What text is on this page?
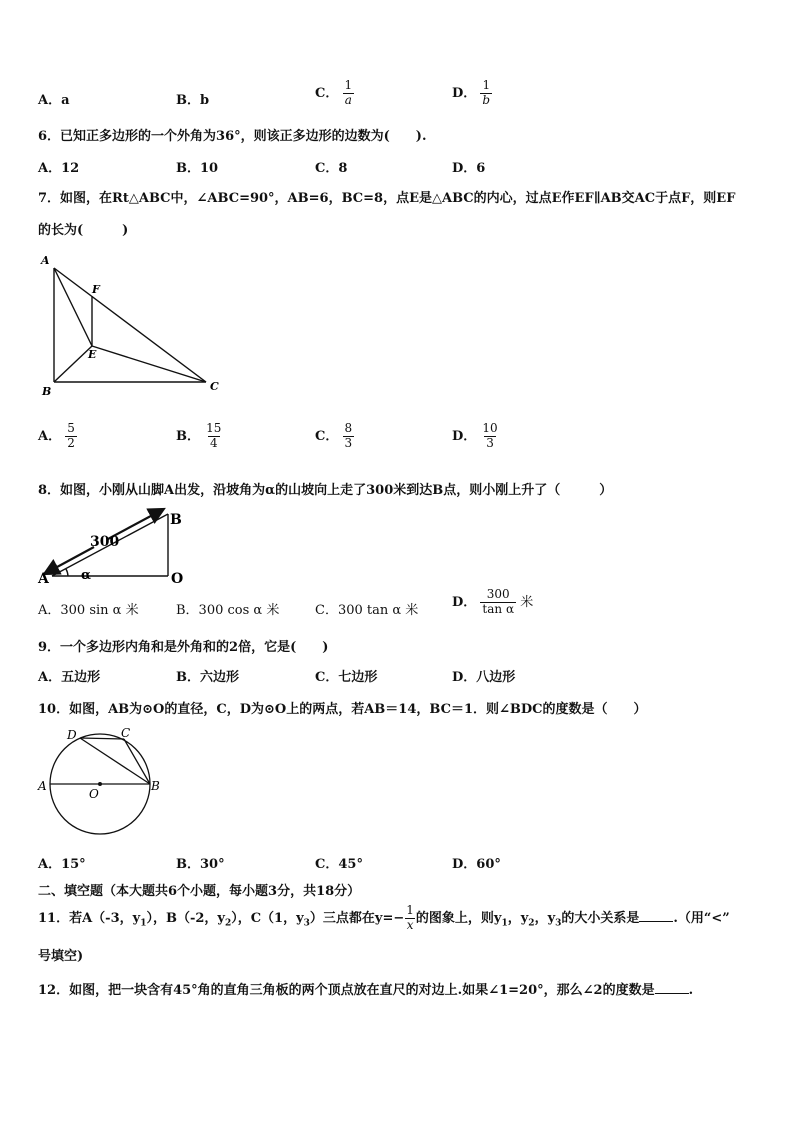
A．a	B．b	C． $\frac{1}{a}$	D． $\frac{1}{b}$
6．已知正多边形的一个外角为36°，则该正多边形的边数为(　　).
A．12	B．10	C．8	D．6
7．如图，在Rt△ABC中，∠ABC=90°，AB=6，BC=8，点E是△ABC的内心，过点E作EF∥AB交AC于点F，则EF
的长为(　　　)
A
F
E
B	C
A． $\frac{5}{2}$	B． $\frac{15}{4}$	C． $\frac{8}{3}$	D． $\frac{10}{3}$
8．如图，小刚从山脚A出发，沿坡角为α的山坡向上走了300米到达B点，则小刚上升了（　　　）
300
A
B
O
α
A．300 sin α 米	B．300 cos α 米	C．300 tan α 米
D． $\frac{300}{\text{tan α}}$ 米
9．一个多边形内角和是外角和的2倍，它是(　　)
A．五边形	B．六边形	C．七边形	D．八边形
10．如图，AB为⊙O的直径，C，D为⊙O上的两点，若AB＝14，BC＝1．则∠BDC的度数是（　　）
D	C
A
O
B
A．15°	B．30°	C．45°	D．60°
二、填空题（本大题共6个小题，每小题3分，共18分）
11．若A（-3，$y_1$），B（-2，$y_2$），C（1，$y_3$）三点都在$y=- \frac{1}{x}$ 的图象上，则$y_1$，$y_2$，$y_3$的大小关系是	.（用“<”
号填空)
12．如图，把一块含有45°角的直角三角板的两个顶点放在直尺的对边上.如果∠1=20°，那么∠2的度数是	.
